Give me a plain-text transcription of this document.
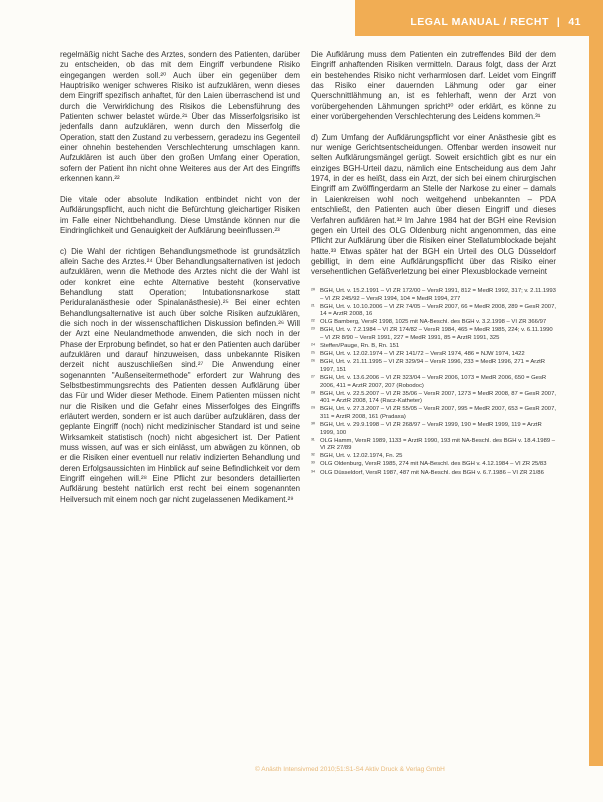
LEGAL MANUAL / RECHT | 41

regelmäßig nicht Sache des Arztes, sondern des Patienten, darüber zu entscheiden, ob das mit dem Eingriff verbundene Risiko eingegangen werden soll.²⁰ Auch über ein gegenüber dem Hauptrisiko weniger schweres Risiko ist aufzuklären, wenn dieses dem Eingriff spezifisch anhaftet, für den Laien überraschend ist und durch die Verwirklichung des Risikos die Lebensführung des Patienten schwer belastet würde.²¹ Über das Misserfolgsrisiko ist jedenfalls dann aufzuklären, wenn durch den Misserfolg die Operation, statt den Zustand zu verbessern, geradezu ins Gegenteil einer ohnehin bestehenden Verschlechterung umschlagen kann. Aufzuklären ist auch über den großen Umfang einer Operation, sofern der Patient ihn nicht ohne Weiteres aus der Art des Eingriffs erkennen kann.²²

Die vitale oder absolute Indikation entbindet nicht von der Aufklärungspflicht, auch nicht die Befürchtung gleichartiger Risiken im Falle einer Nichtbehandlung. Diese Umstände können nur die Eindringlichkeit und Genauigkeit der Aufklärung beeinflussen.²³

c) Die Wahl der richtigen Behandlungsmethode ist grundsätzlich allein Sache des Arztes.²⁴ Über Behandlungsalternativen ist jedoch aufzuklären, wenn die Methode des Arztes nicht die der Wahl ist oder konkret eine echte Alternative besteht (konservative Behandlung statt Operation; Intubationsnarkose statt Periduralanästhesie oder Spinalanästhesie).²⁵ Bei einer echten Behandlungsalternative ist auch über solche Risiken aufzuklären, die sich noch in der wissenschaftlichen Diskussion befinden.²⁶ Will der Arzt eine Neulandmethode anwenden, die sich noch in der Phase der Erprobung befindet, so hat er den Patienten auch darüber aufzuklären und darauf hinzuweisen, dass unbekannte Risiken derzeit nicht auszuschließen sind.²⁷ Die Anwendung einer sogenannten "Außenseitermethode" erfordert zur Wahrung des Selbstbestimmungsrechts des Patienten dessen Aufklärung über das Für und Wider dieser Methode. Einem Patienten müssen nicht nur die Risiken und die Gefahr eines Misserfolges des Eingriffs erläutert werden, sondern er ist auch darüber aufzuklären, dass der geplante Eingriff (noch) nicht medizinischer Standard ist und seine Wirksamkeit statistisch (noch) nicht abgesichert ist. Der Patient muss wissen, auf was er sich einlässt, um abwägen zu können, ob er die Risiken einer eventuell nur relativ indizierten Behandlung und deren Erfolgsaussichten im Hinblick auf seine Befindlichkeit vor dem Eingriff eingehen will.²⁸ Eine Pflicht zur besonders detaillierten Aufklärung besteht natürlich erst recht bei einem sogenannten Heilversuch mit einem noch gar nicht zugelassenen Medikament.²⁹

Die Aufklärung muss dem Patienten ein zutreffendes Bild der dem Eingriff anhaftenden Risiken vermitteln. Daraus folgt, dass der Arzt ein bestehendes Risiko nicht verharmlosen darf. Leidet vom Eingriff das Risiko einer dauernden Lähmung oder gar einer Querschnittlähmung an, ist es fehlerhaft, wenn der Arzt von vorübergehenden Lähmungen spricht³⁰ oder erklärt, es könne zu einer vorübergehenden Verschlechterung des Leidens kommen.³¹

d) Zum Umfang der Aufklärungspflicht vor einer Anästhesie gibt es nur wenige Gerichtsentscheidungen. Offenbar werden insoweit nur selten Aufklärungsmängel gerügt. Soweit ersichtlich gibt es nur ein einziges BGH-Urteil dazu, nämlich eine Entscheidung aus dem Jahr 1974, in der es heißt, dass ein Arzt, der sich bei einem chirurgischen Eingriff am Zwölffingerdarm an Stelle der Narkose zu einer – damals in Laienkreisen wohl noch weitgehend unbekannten – PDA entschließt, den Patienten auch über diesen Eingriff und dieses Verfahren aufklären hat.³² Im Jahre 1984 hat der BGH eine Revision gegen ein Urteil des OLG Oldenburg nicht angenommen, das eine Pflicht zur Aufklärung über die Risiken einer Stellatumblockade bejaht hatte.³³ Etwas später hat der BGH ein Urteil des OLG Düsseldorf gebilligt, in dem eine Aufklärungspflicht über das Risiko einer versehentlichen Gefäßverletzung bei einer Plexusblockade verneint

²⁰ BGH, Urt. v. 15.2.1991 – VI ZR 172/00 – VersR 1991, 812 = MedR 1992, 317; v. 2.11.1993 – VI ZR 245/92 – VersR 1994, 104 = MedR 1994, 277
²¹ BGH, Urt. v. 10.10.2006 – VI ZR 74/05 – VersR 2007, 66 = MedR 2008, 289 = GesR 2007, 14 = ArztR 2008, 16
²² OLG Bamberg, VersR 1998, 1025 mit NA-Beschl. des BGH v. 3.2.1998 – VI ZR 366/97
²³ BGH, Urt. v. 7.2.1984 – VI ZR 174/82 – VersR 1984, 465 = MedR 1985, 224; v. 6.11.1990 – VI ZR 8/90 – VersR 1991, 227 = MedR 1991, 85 = ArztR 1991, 325
²⁴ Steffen/Pauge, Rn. B, Rn. 151
²⁵ BGH, Urt. v. 12.02.1974 – VI ZR 141/72 – VersR 1974, 486 = NJW 1974, 1422
²⁶ BGH, Urt. v. 21.11.1995 – VI ZR 329/94 – VersR 1996, 233 = MedR 1996, 271 = ArztR 1997, 151
²⁷ BGH, Urt. v. 13.6.2006 – VI ZR 323/04 – VersR 2006, 1073 = MedR 2006, 650 = GesR 2006, 411 = ArztR 2007, 207 (Robodoc)
²⁸ BGH, Urt. v. 22.5.2007 – VI ZR 35/06 – VersR 2007, 1273 = MedR 2008, 87 = GesR 2007, 401 = ArztR 2008, 174 (Racz-Katheter)
²⁹ BGH, Urt. v. 27.3.2007 – VI ZR 55/05 – VersR 2007, 995 = MedR 2007, 653 = GesR 2007, 311 = ArztR 2008, 161 (Pradaxa)
³⁰ BGH, Urt. v. 29.9.1998 – VI ZR 268/97 – VersR 1999, 190 = MedR 1999, 119 = ArztR 1999, 100
³¹ OLG Hamm, VersR 1989, 1133 = ArztR 1990, 193 mit NA-Beschl. des BGH v. 18.4.1989 – VI ZR 27/89
³² BGH, Urt. v. 12.02.1974, Fn. 25
³³ OLG Oldenburg, VersR 1985, 274 mit NA-Beschl. des BGH v. 4.12.1984 – VI ZR 25/83
³⁴ OLG Düsseldorf, VersR 1987, 487 mit NA-Beschl. des BGH v. 6.7.1986 – VI ZR 21/86
© Anästh Intensivmed 2010;51:S1-S4 Aktiv Druck & Verlag GmbH
